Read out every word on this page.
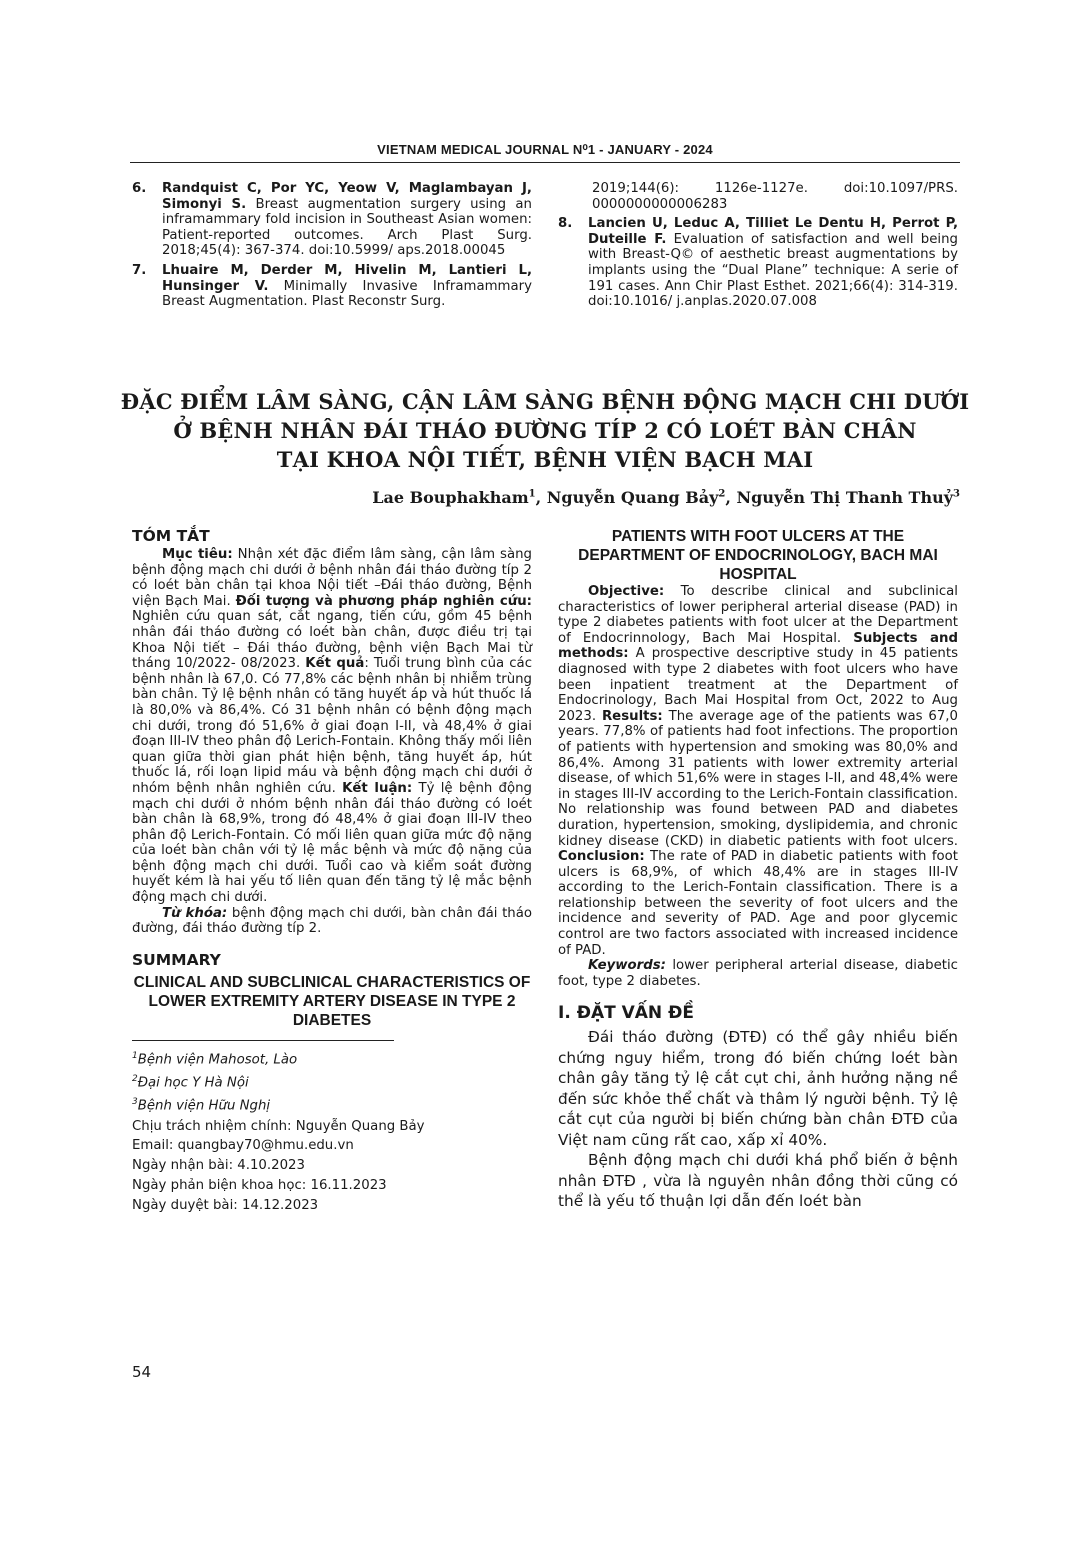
VIETNAM MEDICAL JOURNAL N⁰1 - JANUARY - 2024
6.	Randquist C, Por YC, Yeow V, Maglambayan J, Simonyi S. Breast augmentation surgery using an inframammary fold incision in Southeast Asian women: Patient-reported outcomes. Arch Plast Surg. 2018;45(4): 367-374. doi:10.5999/ aps.2018.00045
7.	Lhuaire M, Derder M, Hivelin M, Lantieri L, Hunsinger V. Minimally Invasive Inframammary Breast Augmentation. Plast Reconstr Surg.
2019;144(6): 1126e-1127e. doi:10.1097/PRS. 0000000000006283
8.	Lancien U, Leduc A, Tilliet Le Dentu H, Perrot P, Duteille F. Evaluation of satisfaction and well being with Breast-Q© of aesthetic breast augmentations by implants using the “Dual Plane” technique: A serie of 191 cases. Ann Chir Plast Esthet. 2021;66(4): 314-319. doi:10.1016/ j.anplas.2020.07.008
ĐẶC ĐIỂM LÂM SÀNG, CẬN LÂM SÀNG BỆNH ĐỘNG MẠCH CHI DƯỚI
Ở BỆNH NHÂN ĐÁI THÁO ĐƯỜNG TÍP 2 CÓ LOÉT BÀN CHÂN
TẠI KHOA NỘI TIẾT, BỆNH VIỆN BẠCH MAI
Lae Bouphakham$^1$, Nguyễn Quang Bảy$^2$, Nguyễn Thị Thanh Thuỷ$^3$
TÓM TẮT

Mục tiêu: Nhận xét đặc điểm lâm sàng, cận lâm sàng bệnh động mạch chi dưới ở bệnh nhân đái tháo đường típ 2 có loét bàn chân tại khoa Nội tiết –Đái tháo đường, Bệnh viện Bạch Mai. Đối tượng và phương pháp nghiên cứu: Nghiên cứu quan sát, cắt ngang, tiến cứu, gồm 45 bệnh nhân đái tháo đường có loét bàn chân, được điều trị tại Khoa Nội tiết – Đái tháo đường, bệnh viện Bạch Mai từ tháng 10/2022- 08/2023. Kết quả: Tuổi trung bình của các bệnh nhân là 67,0. Có 77,8% các bệnh nhân bị nhiễm trùng bàn chân. Tỷ lệ bệnh nhân có tăng huyết áp và hút thuốc lá là 80,0% và 86,4%. Có 31 bệnh nhân có bệnh động mạch chi dưới, trong đó 51,6% ở giai đoạn I-II, và 48,4% ở giai đoạn III-IV theo phân độ Lerich-Fontain. Không thấy mối liên quan giữa thời gian phát hiện bệnh, tăng huyết áp, hút thuốc lá, rối loạn lipid máu và bệnh động mạch chi dưới ở nhóm bệnh nhân nghiên cứu. Kết luận: Tỷ lệ bệnh động mạch chi dưới ở nhóm bệnh nhân đái tháo đường có loét bàn chân là 68,9%, trong đó 48,4% ở giai đoạn III-IV theo phân độ Lerich-Fontain. Có mối liên quan giữa mức độ nặng của loét bàn chân với tỷ lệ mắc bệnh và mức độ nặng của bệnh động mạch chi dưới. Tuổi cao và kiểm soát đường huyết kém là hai yếu tố liên quan đến tăng tỷ lệ mắc bệnh động mạch chi dưới.

Từ khóa: bệnh động mạch chi dưới, bàn chân đái tháo đường, đái tháo đường típ 2.

SUMMARY
CLINICAL AND SUBCLINICAL CHARACTERISTICS OF LOWER EXTREMITY ARTERY DISEASE IN TYPE 2 DIABETES
$^1$Bệnh viện Mahosot, Lào
$^2$Đại học Y Hà Nội
$^3$Bệnh viện Hữu Nghị
Chịu trách nhiệm chính: Nguyễn Quang Bảy
Email: quangbay70@hmu.edu.vn
Ngày nhận bài: 4.10.2023
Ngày phản biện khoa học: 16.11.2023
Ngày duyệt bài: 14.12.2023
PATIENTS WITH FOOT ULCERS AT THE DEPARTMENT OF ENDOCRINOLOGY, BACH MAI HOSPITAL

Objective: To describe clinical and subclinical characteristics of lower peripheral arterial disease (PAD) in type 2 diabetes patients with foot ulcer at the Department of Endocrinnology, Bach Mai Hospital. Subjects and methods: A prospective descriptive study in 45 patients diagnosed with type 2 diabetes with foot ulcers who have been inpatient treatment at the Department of Endocrinology, Bach Mai Hospital from Oct, 2022 to Aug 2023. Results: The average age of the patients was 67,0 years. 77,8% of patients had foot infections. The proportion of patients with hypertension and smoking was 80,0% and 86,4%. Among 31 patients with lower extremity arterial disease, of which 51,6% were in stages I-II, and 48,4% were in stages III-IV according to the Lerich-Fontain classification. No relationship was found between PAD and diabetes duration, hypertension, smoking, dyslipidemia, and chronic kidney disease (CKD) in diabetic patients with foot ulcers. Conclusion: The rate of PAD in diabetic patients with foot ulcers is 68,9%, of which 48,4% are in stages III-IV according to the Lerich-Fontain classification. There is a relationship between the severity of foot ulcers and the incidence and severity of PAD. Age and poor glycemic control are two factors associated with increased incidence of PAD.

Keywords: lower peripheral arterial disease, diabetic foot, type 2 diabetes.

I. ĐẶT VẤN ĐỀ

Đái tháo đường (ĐTĐ) có thể gây nhiều biến chứng nguy hiểm, trong đó biến chứng loét bàn chân gây tăng tỷ lệ cắt cụt chi, ảnh hưởng nặng nề đến sức khỏe thể chất và thâm lý người bệnh. Tỷ lệ cắt cụt của người bị biến chứng bàn chân ĐTĐ của Việt nam cũng rất cao, xấp xỉ 40%.

Bệnh động mạch chi dưới khá phổ biến ở bệnh nhân ĐTĐ , vừa là nguyên nhân đồng thời cũng có thể là yếu tố thuận lợi dẫn đến loét bàn

54
